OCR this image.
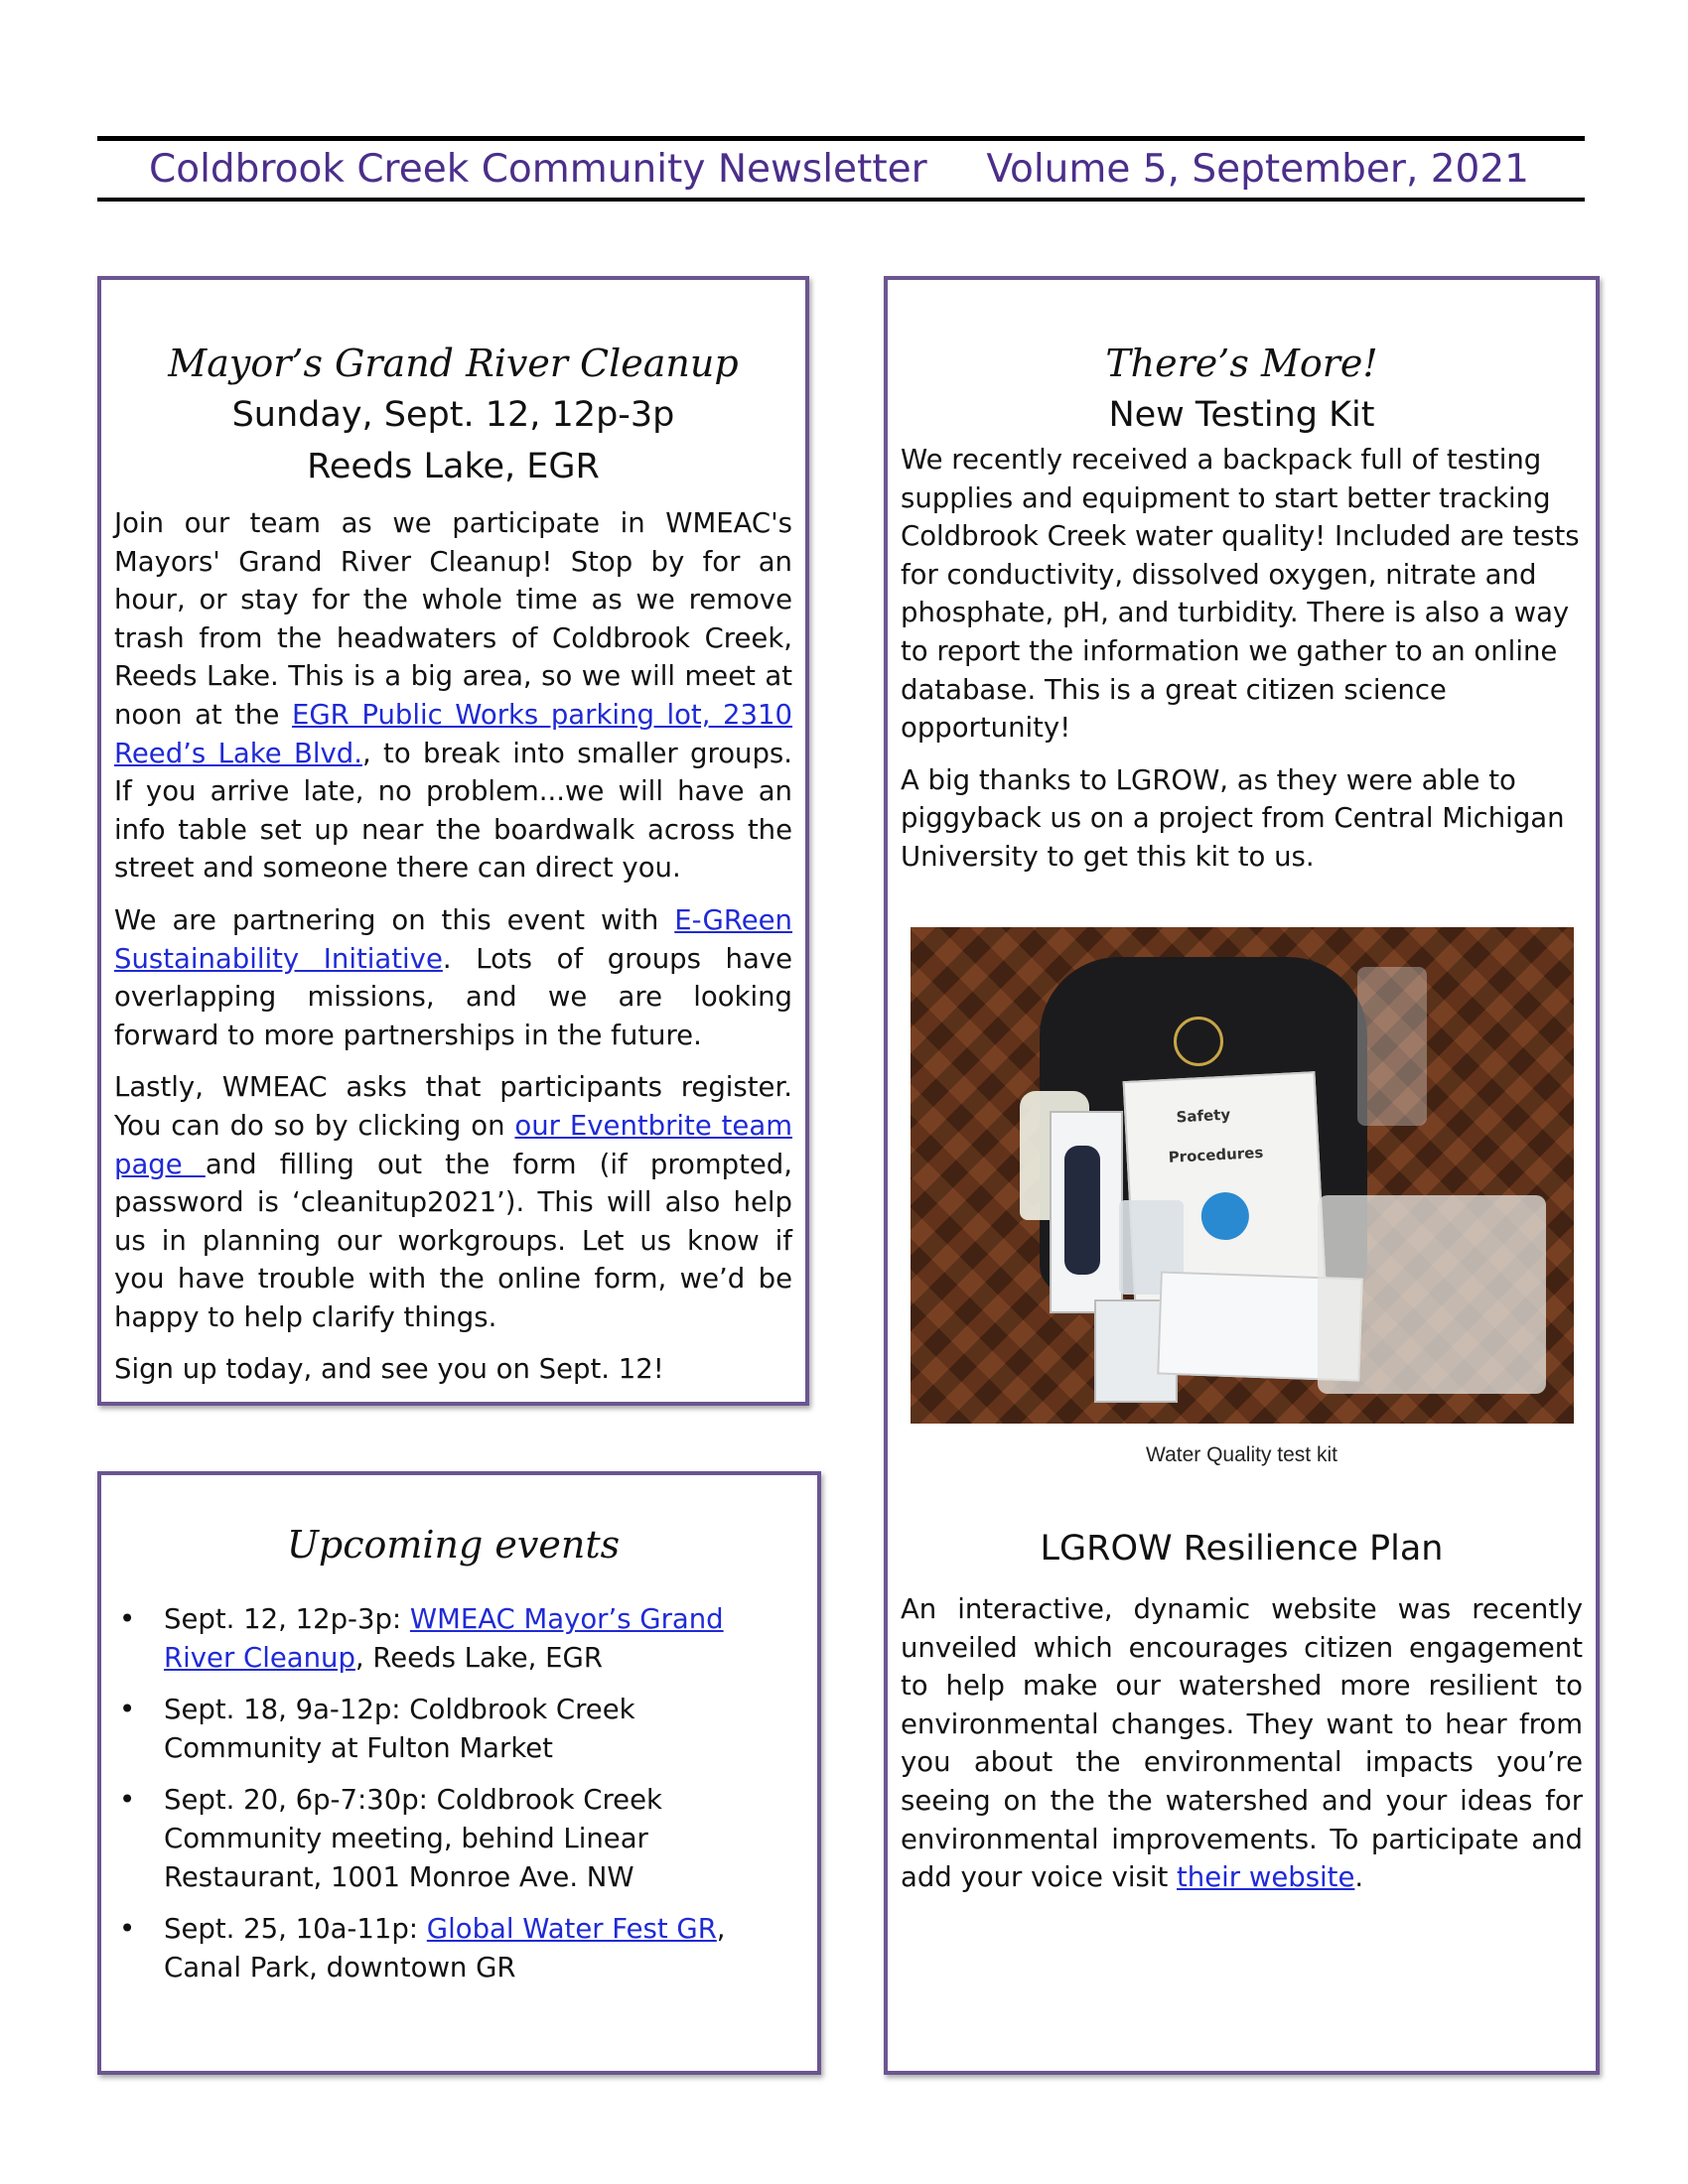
Coldbrook Creek Community Newsletter Volume 5, September, 2021

Mayor’s Grand River Cleanup

Sunday, Sept. 12, 12p-3p

Reeds Lake, EGR

Join our team as we participate in WMEAC's Mayors' Grand River Cleanup! Stop by for an hour, or stay for the whole time as we remove trash from the headwaters of Coldbrook Creek, Reeds Lake. This is a big area, so we will meet at noon at the EGR Public Works parking lot, 2310 Reed’s Lake Blvd., to break into smaller groups. If you arrive late, no problem...we will have an info table set up near the boardwalk across the street and someone there can direct you.

We are partnering on this event with E-GReen Sustainability Initiative. Lots of groups have overlapping missions, and we are looking forward to more partnerships in the future.

Lastly, WMEAC asks that participants register. You can do so by clicking on our Eventbrite team page and filling out the form (if prompted, password is ‘cleanitup2021’). This will also help us in planning our workgroups. Let us know if you have trouble with the online form, we’d be happy to help clarify things.

Sign up today, and see you on Sept. 12!

Upcoming events

• Sept. 12, 12p-3p: WMEAC Mayor’s Grand River Cleanup, Reeds Lake, EGR
• Sept. 18, 9a-12p: Coldbrook Creek Community at Fulton Market
• Sept. 20, 6p-7:30p: Coldbrook Creek Community meeting, behind Linear Restaurant, 1001 Monroe Ave. NW
• Sept. 25, 10a-11p: Global Water Fest GR, Canal Park, downtown GR

There’s More!

New Testing Kit

We recently received a backpack full of testing supplies and equipment to start better tracking Coldbrook Creek water quality! Included are tests for conductivity, dissolved oxygen, nitrate and phosphate, pH, and turbidity. There is also a way to report the information we gather to an online database. This is a great citizen science opportunity!

A big thanks to LGROW, as they were able to piggyback us on a project from Central Michigan University to get this kit to us.

Safety
Procedures
Water Quality test kit
LGROW Resilience Plan

An interactive, dynamic website was recently unveiled which encourages citizen engagement to help make our watershed more resilient to environmental changes. They want to hear from you about the environmental impacts you’re seeing on the the watershed and your ideas for environmental improvements. To participate and add your voice visit their website.
